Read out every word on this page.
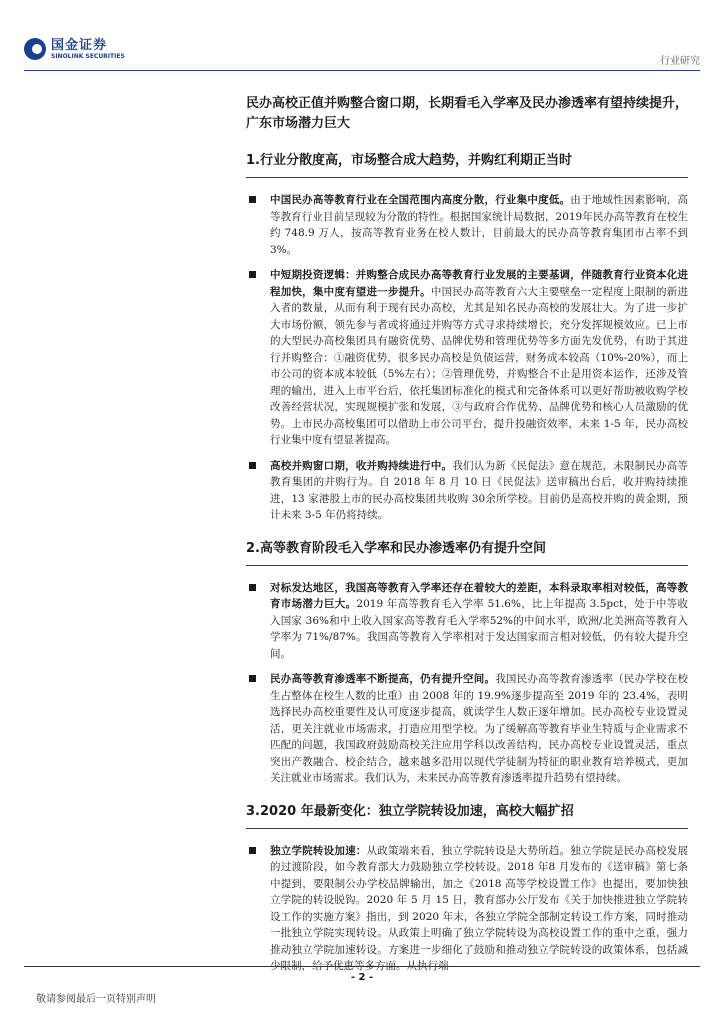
国金证券
SINOLINK SECURITIES	行业研究

民办高校正值并购整合窗口期，长期看毛入学率及民办渗透率有望持续提升，广东市场潜力巨大

1.行业分散度高，市场整合成大趋势，并购红利期正当时

中国民办高等教育行业在全国范围内高度分散，行业集中度低。由于地域性因素影响，高等教育行业目前呈现较为分散的特性。根据国家统计局数据，2019年民办高等教育在校生约 748.9 万人，按高等教育业务在校人数计，目前最大的民办高等教育集团市占率不到 3%。

中短期投资逻辑：并购整合成民办高等教育行业发展的主要基调，伴随教育行业资本化进程加快，集中度有望进一步提升。中国民办高等教育六大主要壁垒一定程度上限制的新进入者的数量，从而有利于现有民办高校，尤其是知名民办高校的发展壮大。为了进一步扩大市场份额，领先参与者或将通过并购等方式寻求持续增长，充分发挥规模效应。已上市的大型民办高校集团具有融资优势、品牌优势和管理优势等多方面先发优势，有助于其进行并购整合：①融资优势，很多民办高校是负债运营，财务成本较高（10%-20%），而上市公司的资本成本较低（5%左右）；②管理优势，并购整合不止是用资本运作，还涉及管理的输出，进入上市平台后，依托集团标准化的模式和完备体系可以更好帮助被收购学校改善经营状况，实现规模扩张和发展，③与政府合作优势、品牌优势和核心人员激励的优势。上市民办高校集团可以借助上市公司平台，提升投融资效率，未来 1-5 年，民办高校行业集中度有望显著提高。

高校并购窗口期，收并购持续进行中。我们认为新《民促法》意在规范，未限制民办高等教育集团的并购行为。自 2018 年 8 月 10 日《民促法》送审稿出台后，收并购持续推进，13 家港股上市的民办高校集团共收购 30余所学校。目前仍是高校并购的黄金期，预计未来 3-5 年仍将持续。

2.高等教育阶段毛入学率和民办渗透率仍有提升空间

对标发达地区，我国高等教育入学率还存在着较大的差距，本科录取率相对较低，高等教育市场潜力巨大。2019 年高等教育毛入学率 51.6%，比上年提高 3.5pct，处于中等收入国家 36%和中上收入国家高等教育毛入学率52%的中间水平，欧洲/北美洲高等教育入学率为 71%/87%。我国高等教育入学率相对于发达国家而言相对较低，仍有较大提升空间。

民办高等教育渗透率不断提高，仍有提升空间。我国民办高等教育渗透率（民办学校在校生占整体在校生人数的比重）由 2008 年的 19.9%逐步提高至 2019 年的 23.4%，表明选择民办高校重要性及认可度逐步提高，就读学生人数正逐年增加。民办高校专业设置灵活，更关注就业市场需求，打造应用型学校。为了缓解高等教育毕业生特质与企业需求不匹配的问题，我国政府鼓励高校关注应用学科以改善结构，民办高校专业设置灵活，重点突出产教融合、校企结合，越来越多沿用以现代学徒制为特征的职业教育培养模式，更加关注就业市场需求。我们认为，未来民办高等教育渗透率提升趋势有望持续。

3.2020 年最新变化：独立学院转设加速，高校大幅扩招

独立学院转设加速：从政策端来看，独立学院转设是大势所趋。独立学院是民办高校发展的过渡阶段，如今教育部大力鼓励独立学校转设。2018 年8 月发布的《送审稿》第七条中提到，要限制公办学校品牌输出，加之《2018 高等学校设置工作》也提出，要加快独立学院的转设脱钩。2020 年 5 月 15 日，教育部办公厅发布《关于加快推进独立学院转设工作的实施方案》指出，到 2020 年末，各独立学院全部制定转设工作方案，同时推动一批独立学院实现转设。从政策上明确了独立学院转设为高校设置工作的重中之重，强力推动独立学院加速转设。方案进一步细化了鼓励和推动独立学院转设的政策体系，包括减少限制，给予优惠等多方面。从执行端

- 2 -
敬请参阅最后一页特别声明
